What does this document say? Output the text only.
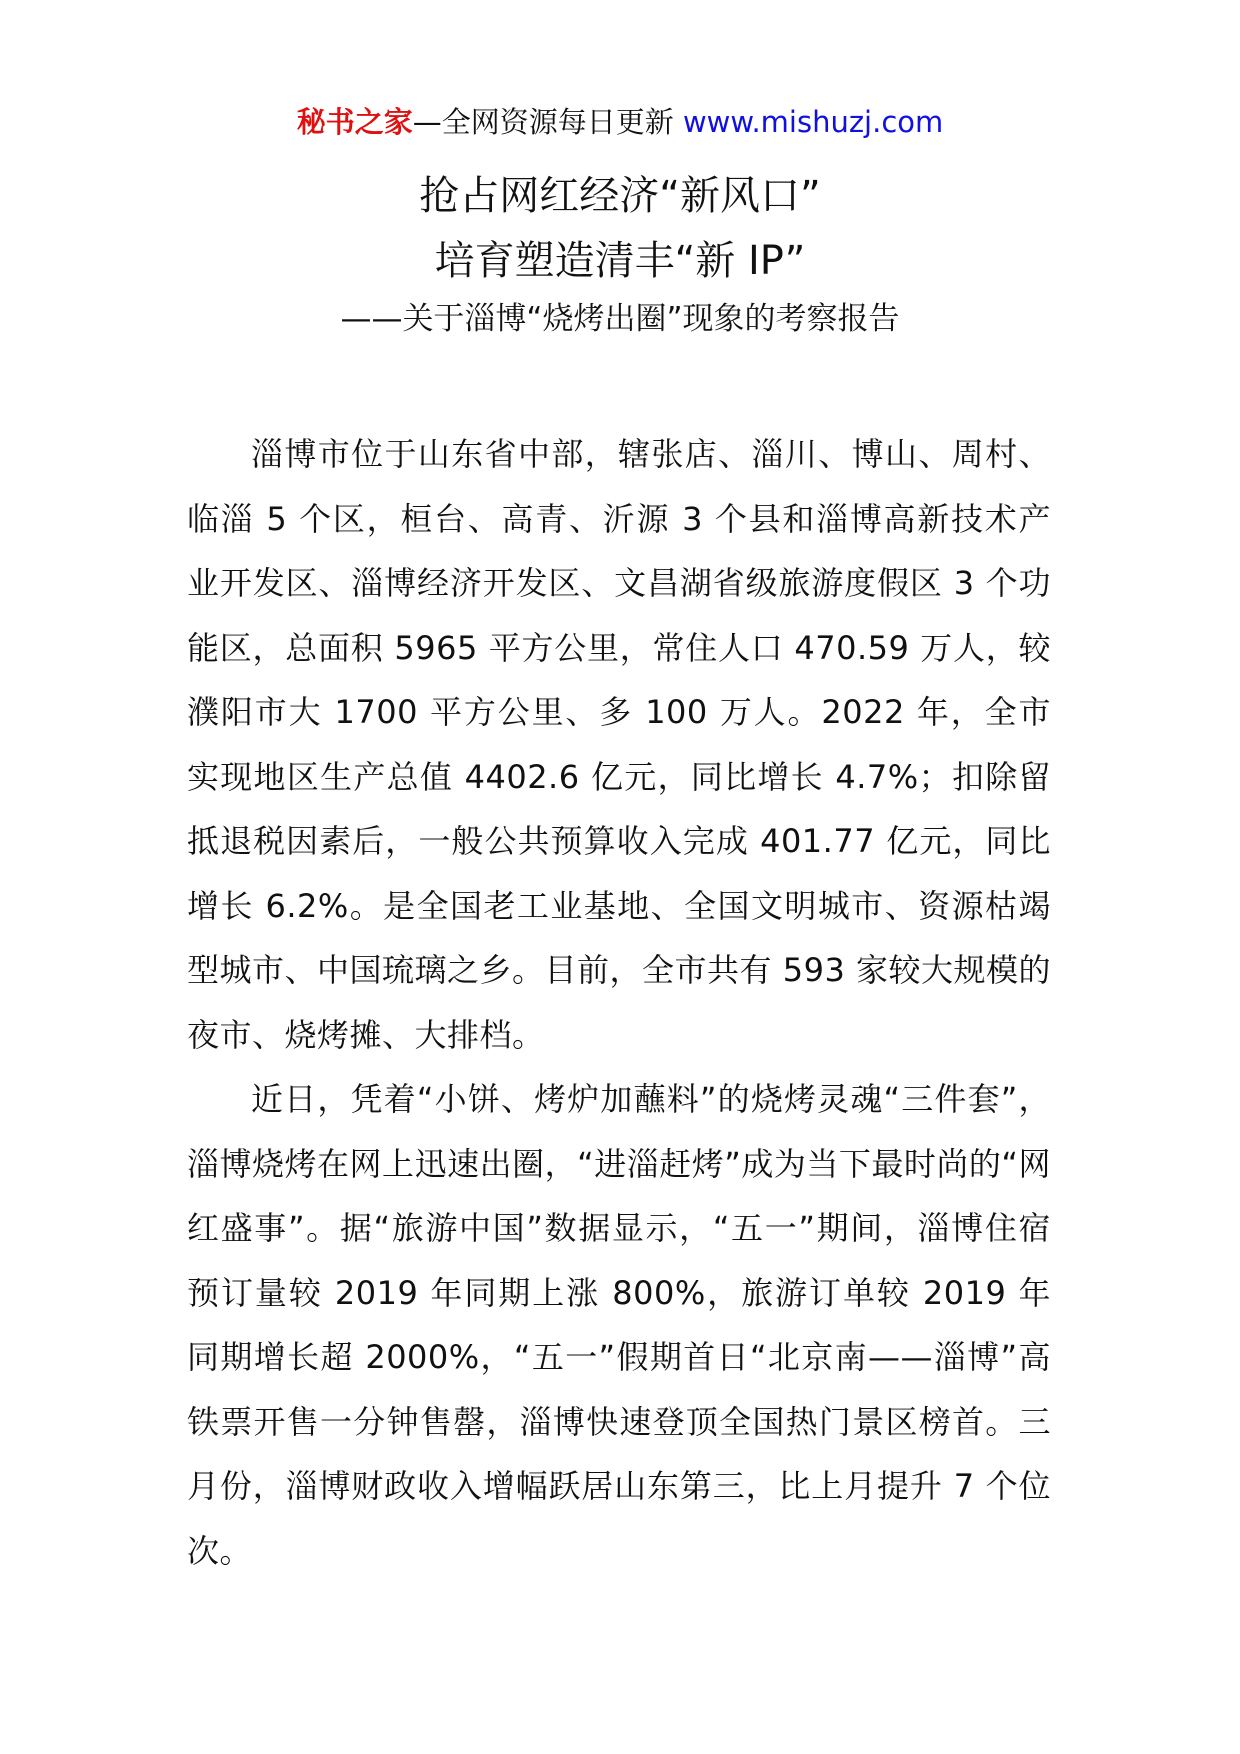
秘书之家—全网资源每日更新 www.mishuzj.com
抢占网红经济“新风口”
培育塑造清丰“新 IP”
——关于淄博“烧烤出圈”现象的考察报告

淄博市位于山东省中部，辖张店、淄川、博山、周村、临淄 5 个区，桓台、高青、沂源 3 个县和淄博高新技术产业开发区、淄博经济开发区、文昌湖省级旅游度假区 3 个功能区，总面积 5965 平方公里，常住人口 470.59 万人，较濮阳市大 1700 平方公里、多 100 万人。2022 年，全市实现地区生产总值 4402.6 亿元，同比增长 4.7%；扣除留抵退税因素后，一般公共预算收入完成 401.77 亿元，同比增长 6.2%。是全国老工业基地、全国文明城市、资源枯竭型城市、中国琉璃之乡。目前，全市共有 593 家较大规模的夜市、烧烤摊、大排档。

近日，凭着“小饼、烤炉加蘸料”的烧烤灵魂“三件套”，淄博烧烤在网上迅速出圈，“进淄赶烤”成为当下最时尚的“网红盛事”。据“旅游中国”数据显示，“五一”期间，淄博住宿预订量较 2019 年同期上涨 800%，旅游订单较 2019 年同期增长超 2000%，“五一”假期首日“北京南——淄博”高铁票开售一分钟售罄，淄博快速登顶全国热门景区榜首。三月份，淄博财政收入增幅跃居山东第三，比上月提升 7 个位次。
